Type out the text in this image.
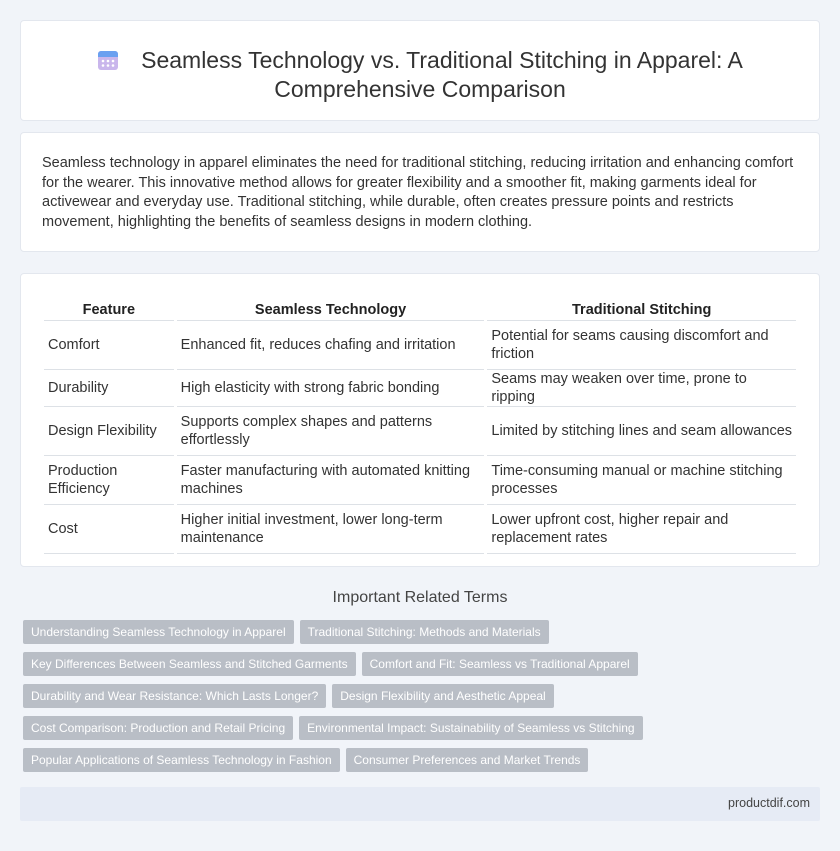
Seamless Technology vs. Traditional Stitching in Apparel: A Comprehensive Comparison

Seamless technology in apparel eliminates the need for traditional stitching, reducing irritation and enhancing comfort for the wearer. This innovative method allows for greater flexibility and a smoother fit, making garments ideal for activewear and everyday use. Traditional stitching, while durable, often creates pressure points and restricts movement, highlighting the benefits of seamless designs in modern clothing.

Feature	Seamless Technology	Traditional Stitching
Comfort	Enhanced fit, reduces chafing and irritation	Potential for seams causing discomfort and friction
Durability	High elasticity with strong fabric bonding	Seams may weaken over time, prone to ripping
Design Flexibility	Supports complex shapes and patterns effortlessly	Limited by stitching lines and seam allowances
Production Efficiency	Faster manufacturing with automated knitting machines	Time-consuming manual or machine stitching processes
Cost	Higher initial investment, lower long-term maintenance	Lower upfront cost, higher repair and replacement rates
Important Related Terms
Understanding Seamless Technology in Apparel Traditional Stitching: Methods and Materials
Key Differences Between Seamless and Stitched Garments Comfort and Fit: Seamless vs Traditional Apparel
Durability and Wear Resistance: Which Lasts Longer? Design Flexibility and Aesthetic Appeal
Cost Comparison: Production and Retail Pricing Environmental Impact: Sustainability of Seamless vs Stitching
Popular Applications of Seamless Technology in Fashion Consumer Preferences and Market Trends
productdif.com
